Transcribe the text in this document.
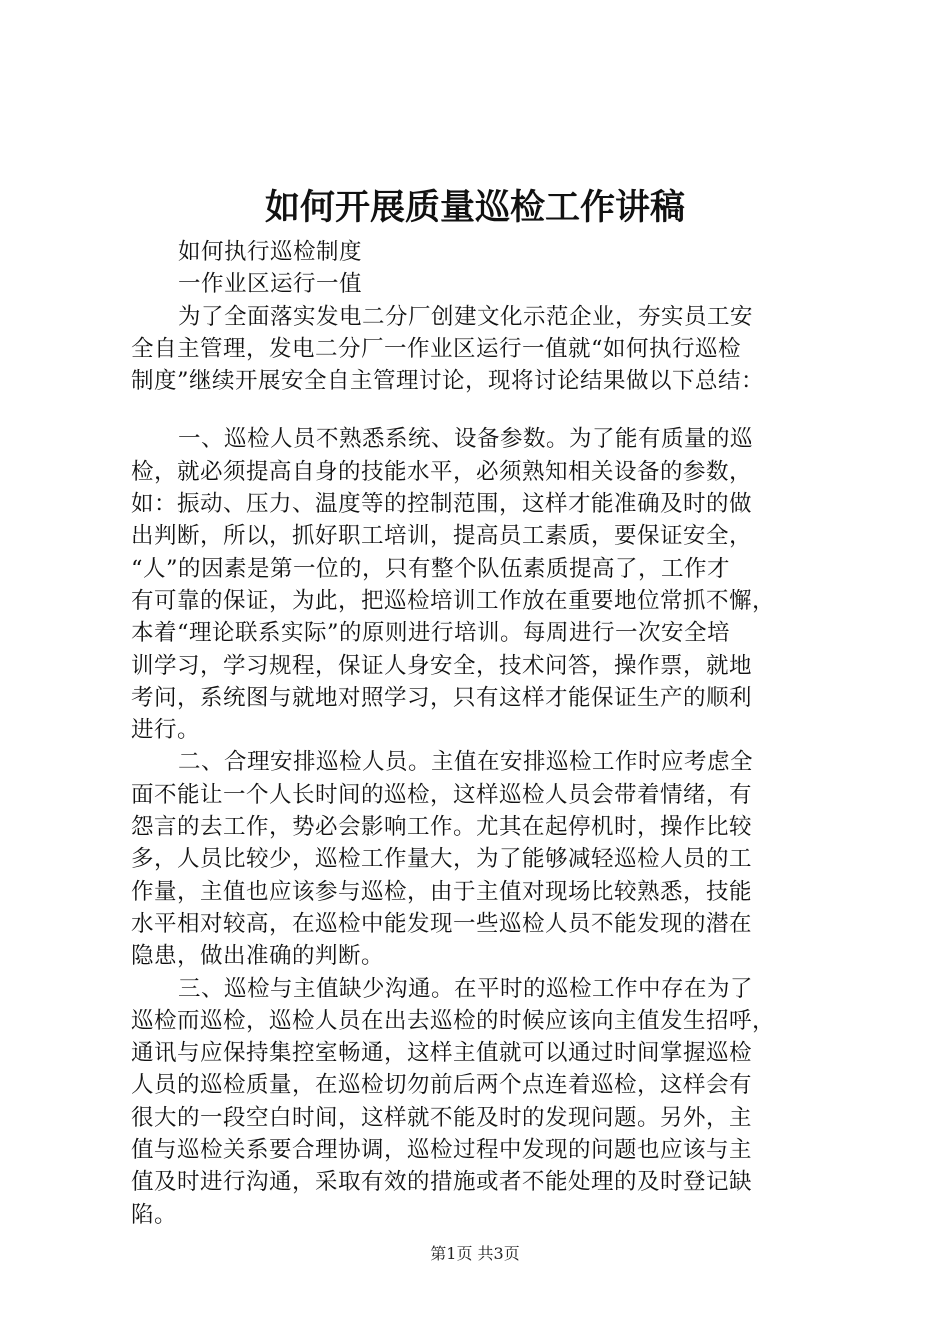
如何开展质量巡检工作讲稿
如何执行巡检制度
一作业区运行一值
为了全面落实发电二分厂创建文化示范企业，夯实员工安
全自主管理，发电二分厂一作业区运行一值就“如何执行巡检
制度”继续开展安全自主管理讨论，现将讨论结果做以下总结：
一、巡检人员不熟悉系统、设备参数。为了能有质量的巡
检，就必须提高自身的技能水平，必须熟知相关设备的参数，
如：振动、压力、温度等的控制范围，这样才能准确及时的做
出判断，所以，抓好职工培训，提高员工素质，要保证安全，
“人”的因素是第一位的，只有整个队伍素质提高了，工作才
有可靠的保证，为此，把巡检培训工作放在重要地位常抓不懈，
本着“理论联系实际”的原则进行培训。每周进行一次安全培
训学习，学习规程，保证人身安全，技术问答，操作票，就地
考问，系统图与就地对照学习，只有这样才能保证生产的顺利
进行。
二、合理安排巡检人员。主值在安排巡检工作时应考虑全
面不能让一个人长时间的巡检，这样巡检人员会带着情绪，有
怨言的去工作，势必会影响工作。尤其在起停机时，操作比较
多，人员比较少，巡检工作量大，为了能够减轻巡检人员的工
作量，主值也应该参与巡检，由于主值对现场比较熟悉，技能
水平相对较高，在巡检中能发现一些巡检人员不能发现的潜在
隐患，做出准确的判断。
三、巡检与主值缺少沟通。在平时的巡检工作中存在为了
巡检而巡检，巡检人员在出去巡检的时候应该向主值发生招呼，
通讯与应保持集控室畅通，这样主值就可以通过时间掌握巡检
人员的巡检质量，在巡检切勿前后两个点连着巡检，这样会有
很大的一段空白时间，这样就不能及时的发现问题。另外，主
值与巡检关系要合理协调，巡检过程中发现的问题也应该与主
值及时进行沟通，采取有效的措施或者不能处理的及时登记缺
陷。
第1页 共3页
